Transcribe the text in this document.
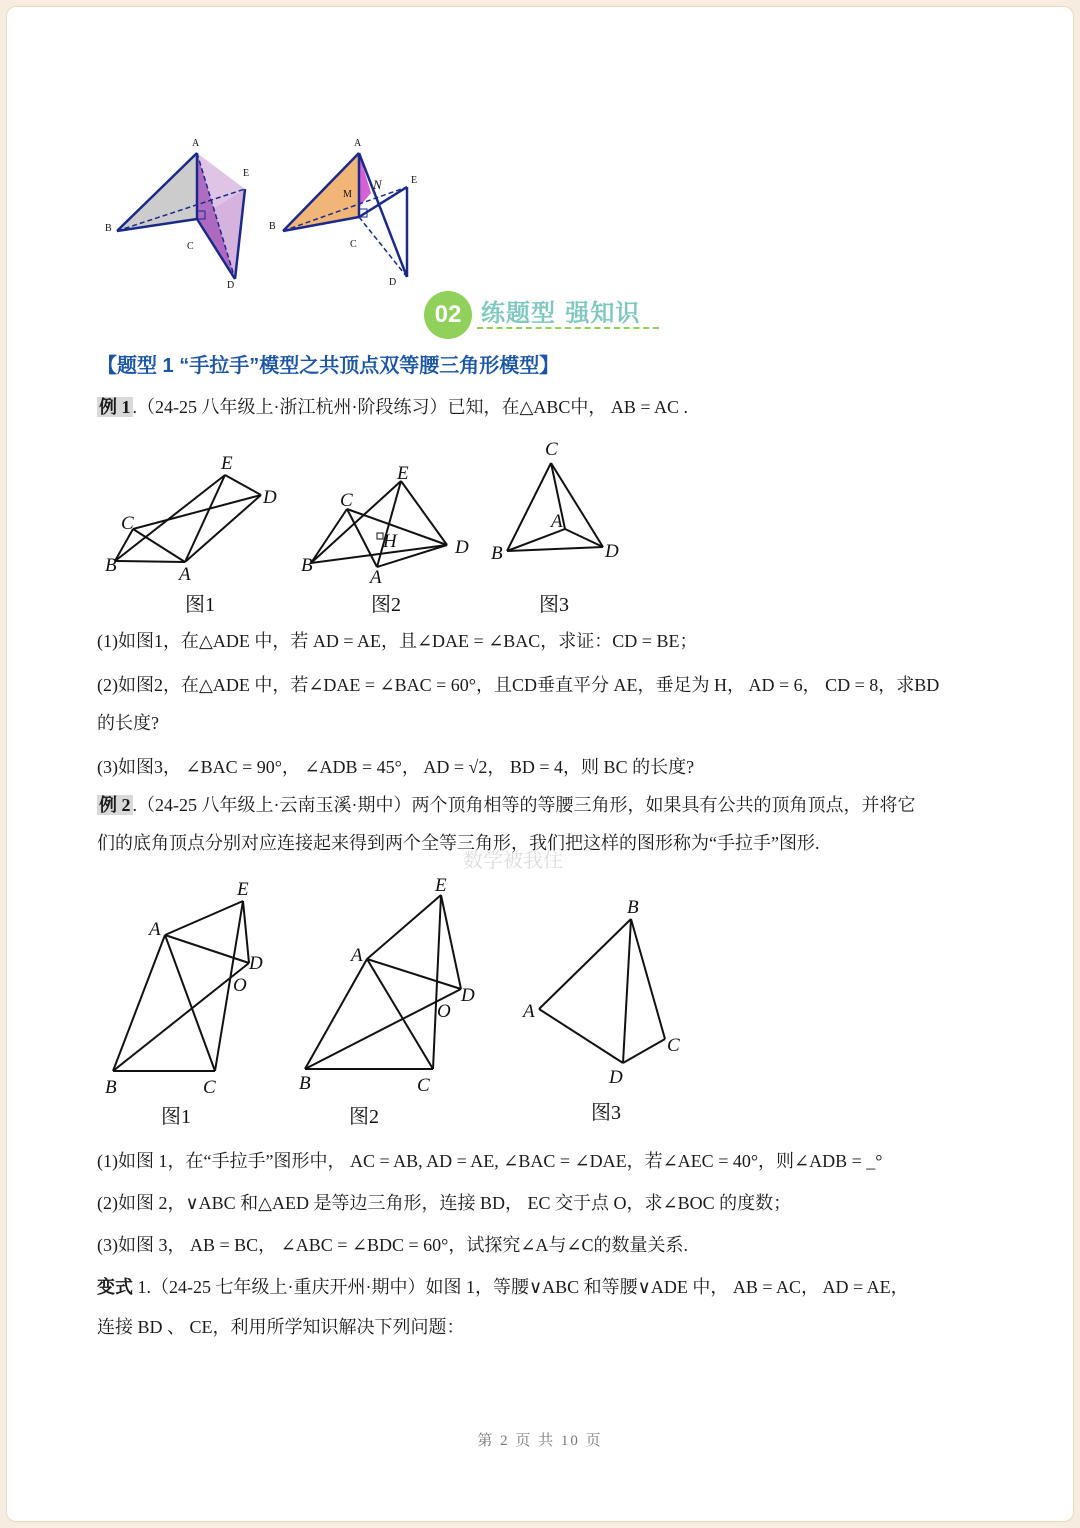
A
B
C
D
E
A
B
C
D
E
M
N
02 练题型 强知识
【题型 1 “手拉手”模型之共顶点双等腰三角形模型】
例 1 .（24-25 八年级上·浙江杭州·阶段练习）已知，在△ABC中， AB = AC .
E
D
C
B	A
图1
E
C
H	D
B
A
图2
C
A
B	D
图3
(1)如图1，在△ADE 中，若 AD = AE，且∠DAE = ∠BAC，求证：CD = BE；
(2)如图2，在△ADE 中，若∠DAE = ∠BAC = 60°，且CD垂直平分 AE，垂足为 H， AD = 6， CD = 8，求BD
的长度?
(3)如图3， ∠BAC = 90°， ∠ADB = 45°， AD = √2， BD = 4，则 BC 的长度?
例 2 .（24-25 八年级上·云南玉溪·期中）两个顶角相等的等腰三角形，如果具有公共的顶角顶点，并将它
们的底角顶点分别对应连接起来得到两个全等三角形，我们把这样的图形称为“手拉手”图形.
数学被我住
E
A
D
O
B	C
图1
E
A
D
O
B	C
图2
B
A
C
D
图3
(1)如图 1，在“手拉手”图形中， AC = AB, AD = AE, ∠BAC = ∠DAE，若∠AEC = 40°，则∠ADB = _°
(2)如图 2，∨ABC 和△AED 是等边三角形，连接 BD， EC 交于点 O，求∠BOC 的度数；
(3)如图 3， AB = BC， ∠ABC = ∠BDC = 60°，试探究∠A与∠C的数量关系.
变式 1.（24-25 七年级上·重庆开州·期中）如图 1，等腰∨ABC 和等腰∨ADE 中， AB = AC， AD = AE，
连接 BD 、 CE，利用所学知识解决下列问题：
第 2 页 共 10 页
